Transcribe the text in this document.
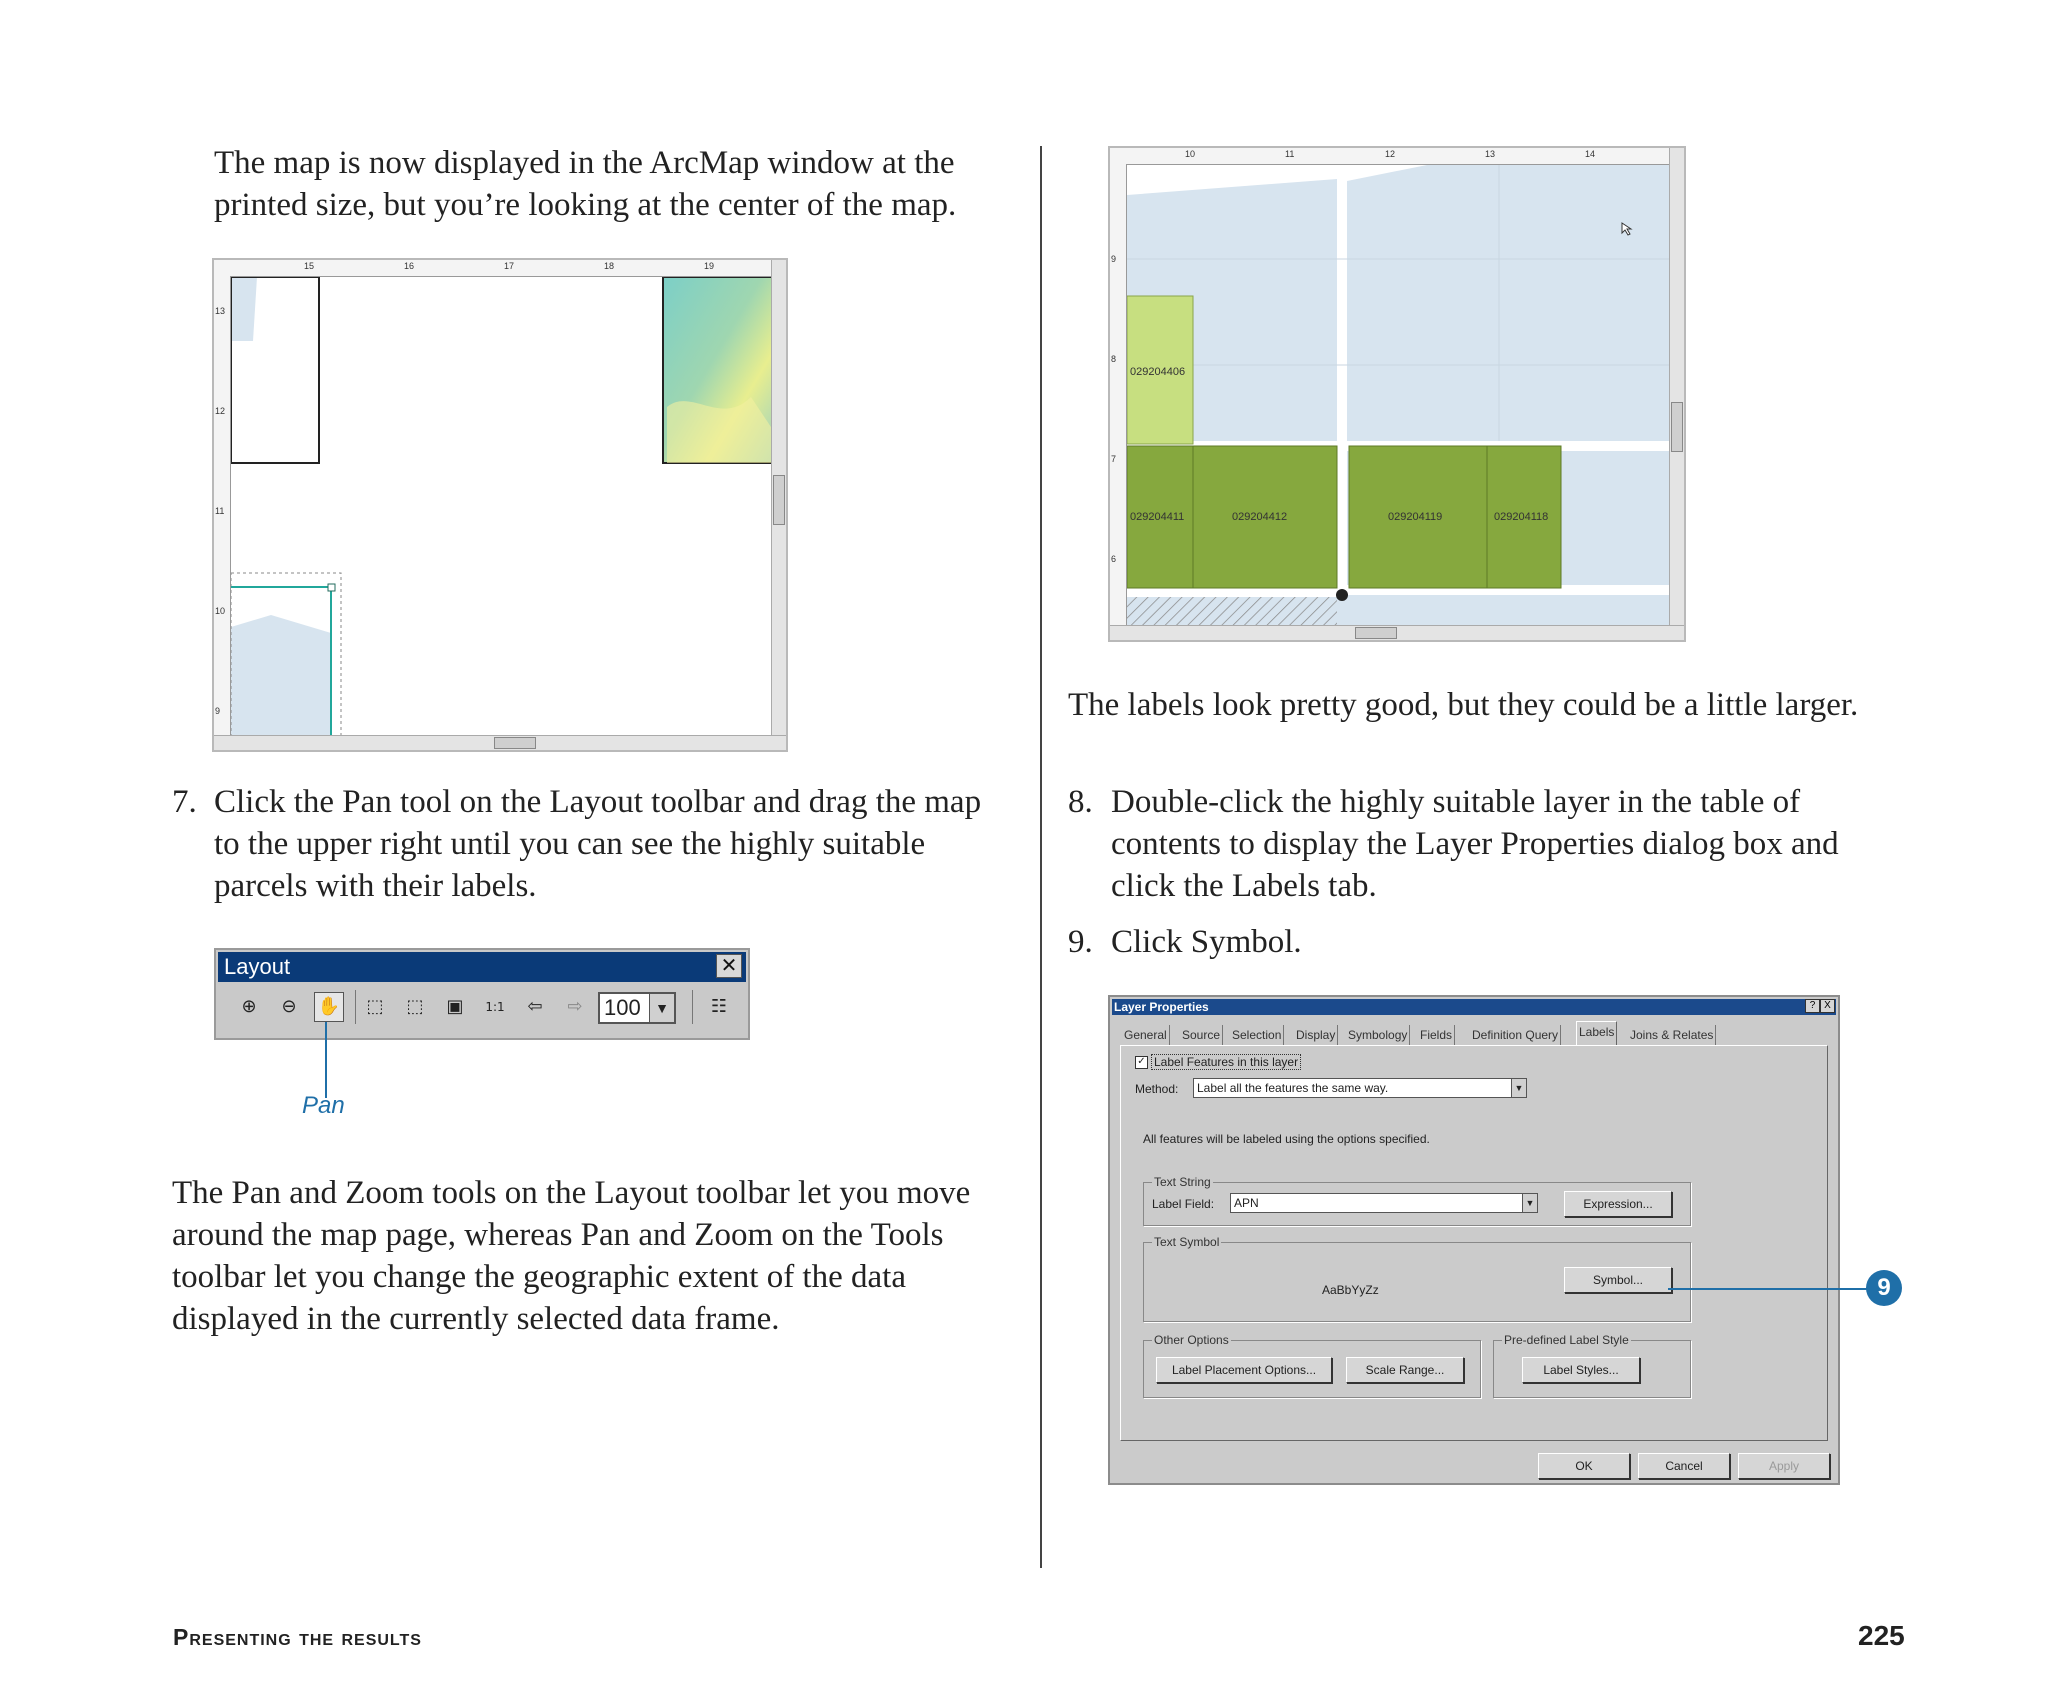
The map is now displayed in the ArcMap window at the printed size, but you’re looking at the center of the map.
15	16	17	18	19
13
12
11
10
9
7. Click the Pan tool on the Layout toolbar and drag the map to the upper right until you can see the highly suitable parcels with their labels.
Layout	✕
⊕	⊖	✋	⬚	⬚	▣	1:1	⇦	⇨ 100	▼	☷
Pan
The Pan and Zoom tools on the Layout toolbar let you move around the map page, whereas Pan and Zoom on the Tools toolbar let you change the geographic extent of the data displayed in the currently selected data frame.
10	11	12	13	14
9
8
7
6
029204406
029204411	029204412	029204119	029204118
The labels look pretty good, but they could be a little larger.
8. Double-click the highly suitable layer in the table of contents to display the Layer Properties dialog box and click the Labels tab.
9. Click Symbol.
Layer Properties	? X
General Source Selection Display Symbology Fields Definition Query Labels Joins & Relates
✓ Label Features in this layer
Method:	Label all the features the same way.	▼
All features will be labeled using the options specified.
Text String
Label Field:	APN	▼	Expression...
Text Symbol
AaBbYyZz
Symbol...
Other Options
Label Placement Options...	Scale Range...
Pre-defined Label Style
Label Styles...
OK	Cancel	Apply
9
Presenting the results	225
